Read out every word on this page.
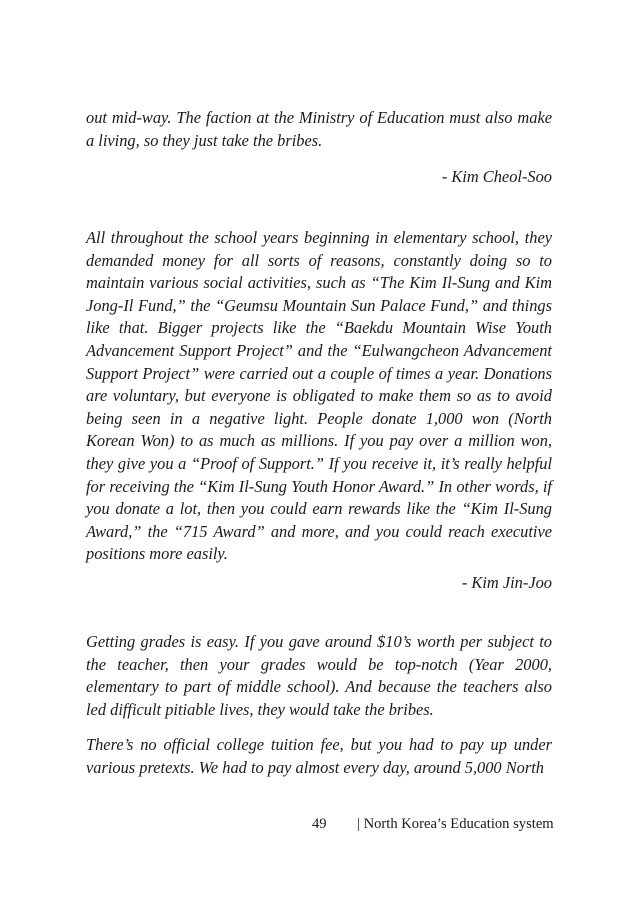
out mid-way. The faction at the Ministry of Education must also make a living, so they just take the bribes.

- Kim Cheol-Soo

All throughout the school years beginning in elementary school, they demanded money for all sorts of reasons, constantly doing so to maintain various social activities, such as “The Kim Il-Sung and Kim Jong-Il Fund,” the “Geumsu Mountain Sun Palace Fund,” and things like that. Bigger projects like the “Baekdu Mountain Wise Youth Advancement Support Project” and the “Eulwangcheon Advancement Support Project” were carried out a couple of times a year. Donations are voluntary, but everyone is obligated to make them so as to avoid being seen in a negative light. People donate 1,000 won (North Korean Won) to as much as millions. If you pay over a million won, they give you a “Proof of Support.” If you receive it, it’s really helpful for receiving the “Kim Il-Sung Youth Honor Award.” In other words, if you donate a lot, then you could earn rewards like the “Kim Il-Sung Award,” the “715 Award” and more, and you could reach executive positions more easily.

- Kim Jin-Joo

Getting grades is easy. If you gave around $10’s worth per subject to the teacher, then your grades would be top-notch (Year 2000, elementary to part of middle school). And because the teachers also led difficult pitiable lives, they would take the bribes.

There’s no official college tuition fee, but you had to pay up under various pretexts. We had to pay almost every day, around 5,000 North

49 | North Korea’s Education system
